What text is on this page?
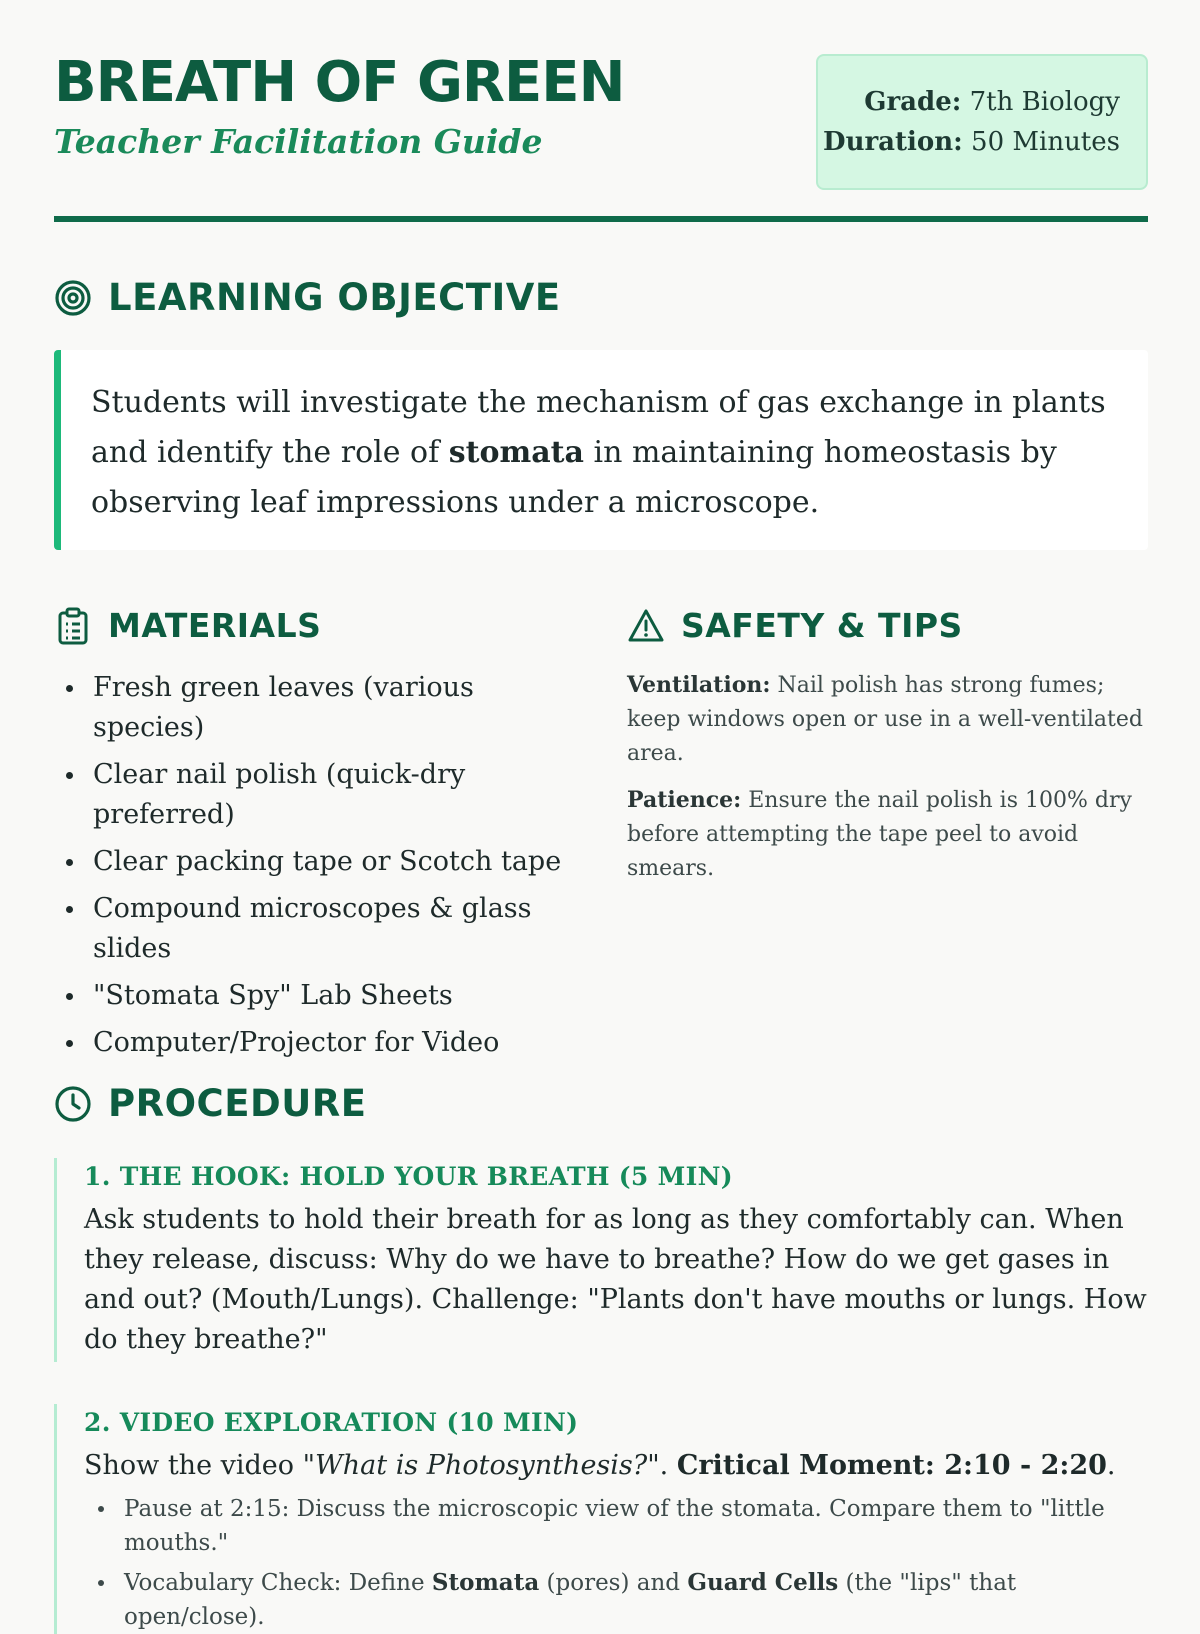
BREATH OF GREEN
Teacher Facilitation Guide
Grade: 7th Biology
Duration: 50 Minutes
LEARNING OBJECTIVE
Students will investigate the mechanism of gas exchange in plants and identify the role of stomata in maintaining homeostasis by observing leaf impressions under a microscope.
MATERIALS
Fresh green leaves (various species)
Clear nail polish (quick-dry preferred)
Clear packing tape or Scotch tape
Compound microscopes & glass slides
"Stomata Spy" Lab Sheets
Computer/Projector for Video
SAFETY & TIPS

Ventilation: Nail polish has strong fumes; keep windows open or use in a well-ventilated area.

Patience: Ensure the nail polish is 100% dry before attempting the tape peel to avoid smears.

PROCEDURE
1. THE HOOK: HOLD YOUR BREATH (5 MIN)
Ask students to hold their breath for as long as they comfortably can. When they release, discuss: Why do we have to breathe? How do we get gases in and out? (Mouth/Lungs). Challenge: "Plants don't have mouths or lungs. How do they breathe?"
2. VIDEO EXPLORATION (10 MIN)
Show the video "What is Photosynthesis?". Critical Moment: 2:10 - 2:20.
Pause at 2:15: Discuss the microscopic view of the stomata. Compare them to "little mouths."
Vocabulary Check: Define Stomata (pores) and Guard Cells (the "lips" that open/close).
